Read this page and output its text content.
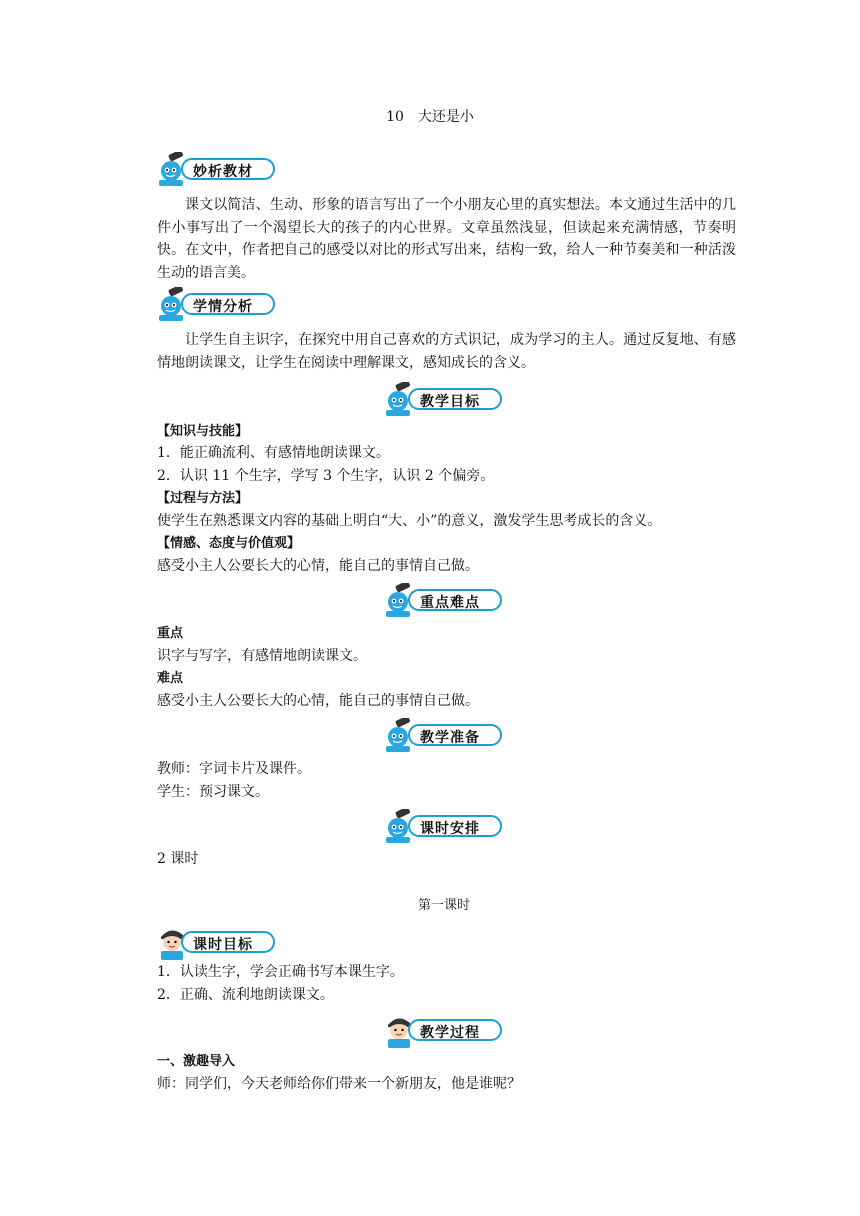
10　大还是小
妙析教材
课文以简洁、生动、形象的语言写出了一个小朋友心里的真实想法。本文通过生活中的几件小事写出了一个渴望长大的孩子的内心世界。文章虽然浅显，但读起来充满情感，节奏明快。在文中，作者把自己的感受以对比的形式写出来，结构一致，给人一种节奏美和一种活泼生动的语言美。
学情分析
让学生自主识字，在探究中用自己喜欢的方式识记，成为学习的主人。通过反复地、有感情地朗读课文，让学生在阅读中理解课文，感知成长的含义。
教学目标
【知识与技能】
1．能正确流利、有感情地朗读课文。
2．认识 11 个生字，学写 3 个生字，认识 2 个偏旁。
【过程与方法】
使学生在熟悉课文内容的基础上明白“大、小”的意义，激发学生思考成长的含义。
【情感、态度与价值观】
感受小主人公要长大的心情，能自己的事情自己做。
重点难点
重点
识字与写字，有感情地朗读课文。
难点
感受小主人公要长大的心情，能自己的事情自己做。
教学准备
教师：字词卡片及课件。
学生：预习课文。
课时安排
2 课时
第一课时
课时目标
1．认读生字，学会正确书写本课生字。
2．正确、流利地朗读课文。
教学过程
一、激趣导入
师：同学们，今天老师给你们带来一个新朋友，他是谁呢？
